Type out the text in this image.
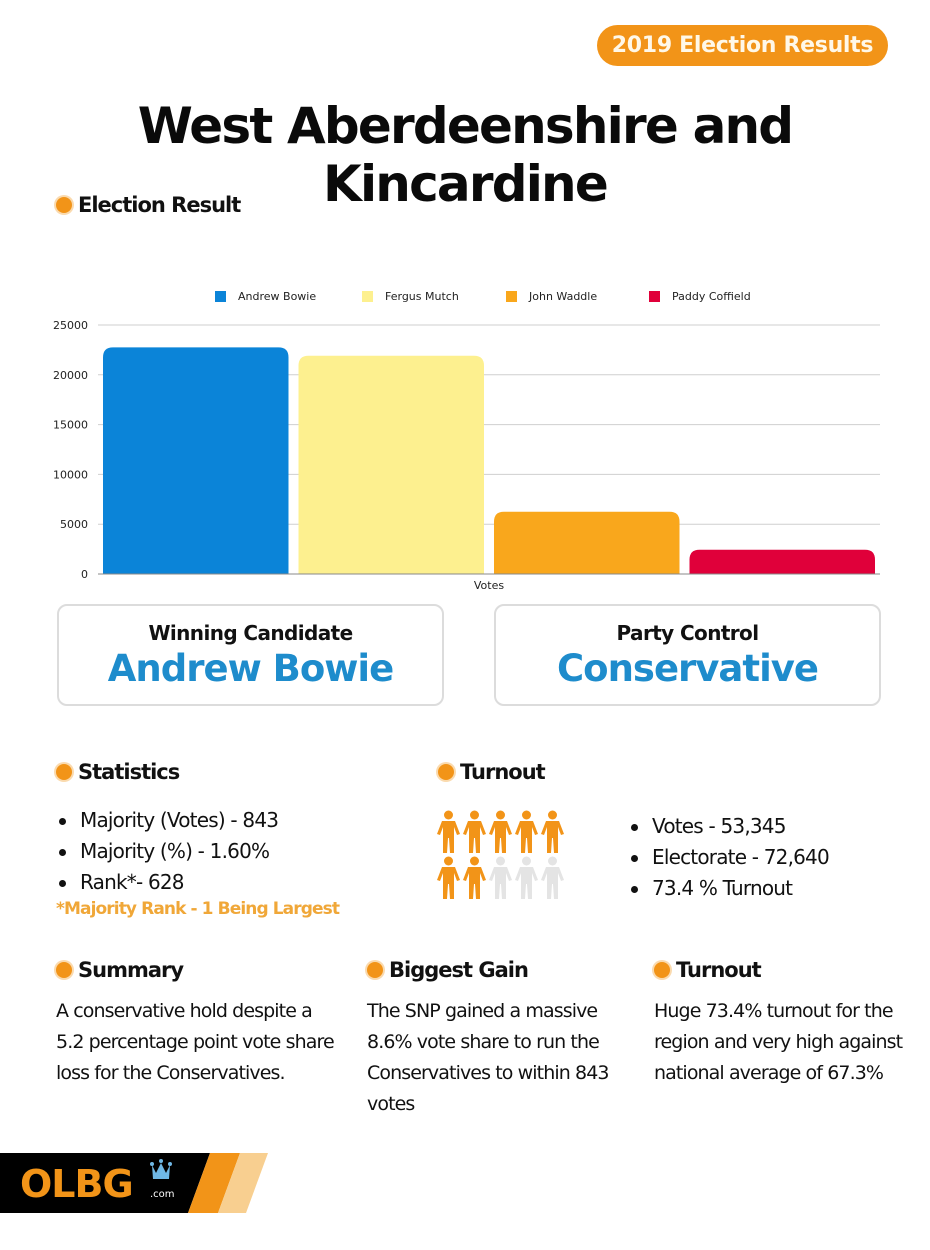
2019 Election Results
West Aberdeenshire and Kincardine
Election Result
Andrew Bowie	Fergus Mutch	John Waddle	Paddy Coffield
0
5000
10000
15000
20000
25000
Votes
Winning Candidate
Andrew Bowie
Party Control
Conservative
Statistics
Majority (Votes) - 843
Majority (%) - 1.60%
Rank*- 628
*Majority Rank - 1 Being Largest
Turnout
Votes - 53,345
Electorate - 72,640
73.4 % Turnout
Summary

A conservative hold despite a 5.2 percentage point vote share loss for the Conservatives.

Biggest Gain

The SNP gained a massive 8.6% vote share to run the Conservatives to within 843 votes

Turnout

Huge 73.4% turnout for the region and very high against national average of 67.3%

OLBG .com
